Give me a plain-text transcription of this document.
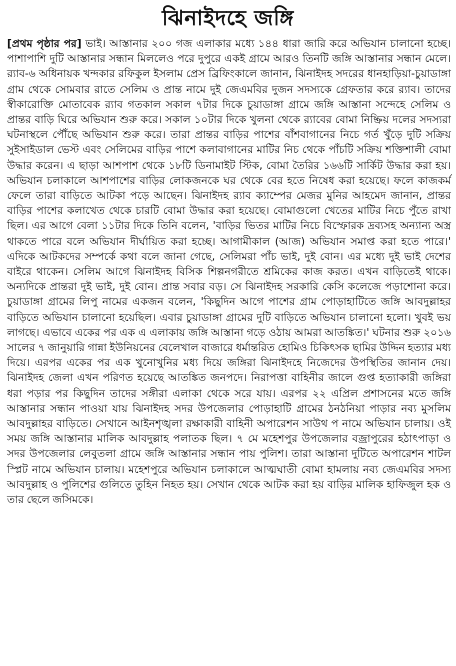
ঝিনাইদহে জঙ্গি

[প্রথম পৃষ্ঠার পর] ভাই। আস্তানার ২০০ গজ এলাকার মধ্যে ১৪৪ ধারা জারি করে অভিযান চালানো হচ্ছে। পাশাপাশি দুটি আস্তানার সন্ধান মিললেও পরে দুপুরে একই গ্রামে আরও তিনটি জঙ্গি আস্তানার সন্ধান মেলে। র‌্যাব-৬ অধিনায়ক খন্দকার রফিকুল ইসলাম প্রেস ব্রিফিংকালে জানান, ঝিনাইদহ সদরের ধানহাড়িয়া-চুয়াডাঙ্গা গ্রাম থেকে সোমবার রাতে সেলিম ও প্রান্ত নামে দুই জেএমবির দুজন সদস্যকে গ্রেফতার করে র‌্যাব। তাদের স্বীকারোক্তি মোতাবেক র‌্যাব গতকাল সকাল ৭টার দিকে চুয়াডাঙ্গা গ্রামে জঙ্গি আস্তানা সন্দেহে সেলিম ও প্রান্তর বাড়ি ঘিরে অভিযান শুরু করে। সকাল ১০টার দিকে খুলনা থেকে র‌্যাবের বোমা নিষ্ক্রিয় দলের সদস্যরা ঘটনাস্থলে পৌঁছে অভিযান শুরু করে। তারা প্রান্তর বাড়ির পাশের বাঁশবাগানের নিচে গর্ত খুঁড়ে দুটি সক্রিয় সুইসাইডাল ভেস্ট এবং সেলিমের বাড়ির পাশে কলাবাগানের মাটির নিচ থেকে পাঁচটি সক্রিয় শক্তিশালী বোমা উদ্ধার করেন। এ ছাড়া আশপাশ থেকে ১৮টি ডিনামাইট স্টিক, বোমা তৈরির ১৬৬টি সার্কিট উদ্ধার করা হয়। অভিযান চলাকালে আশপাশের বাড়ির লোকজনকে ঘর থেকে বের হতে নিষেধ করা হয়েছে। ফলে কাজকর্ম ফেলে তারা বাড়িতে আটকা পড়ে আছেন। ঝিনাইদহ র‌্যাব ক্যাম্পের মেজর মুনির আহমেদ জানান, প্রান্তর বাড়ির পাশের কলাখেত থেকে চারটি বোমা উদ্ধার করা হয়েছে। বোমাগুলো খেতের মাটির নিচে পুঁতে রাখা ছিল। এর আগে বেলা ১১টার দিকে তিনি বলেন, 'বাড়ির ভিতর মাটির নিচে বিস্ফোরক দ্রব্যসহ অন্যান্য অস্ত্র থাকতে পারে বলে অভিযান দীর্ঘায়িত করা হচ্ছে। আগামীকাল (আজ) অভিযান সমাপ্ত করা হতে পারে।' এদিকে আটকদের সম্পর্কে কথা বলে জানা গেছে, সেলিমরা পাঁচ ভাই, দুই বোন। এর মধ্যে দুই ভাই দেশের বাইরে থাকেন। সেলিম আগে ঝিনাইদহ বিসিক শিল্পনগরীতে শ্রমিকের কাজ করত। এখন বাড়িতেই থাকে। অন্যদিকে প্রান্তরা দুই ভাই, দুই বোন। প্রান্ত সবার বড়। সে ঝিনাইদহ সরকারি কেসি কলেজে পড়াশোনা করে। চুয়াডাঙ্গা গ্রামের লিপু নামের একজন বলেন, 'কিছুদিন আগে পাশের গ্রাম পোড়াহাটিতে জঙ্গি আবদুল্লাহর বাড়িতে অভিযান চালানো হয়েছিল। এবার চুয়াডাঙ্গা গ্রামের দুটি বাড়িতে অভিযান চালানো হলো। খুবই ভয় লাগছে। এভাবে একের পর এক এ এলাকায় জঙ্গি আস্তানা গড়ে ওঠায় আমরা আতঙ্কিত।' ঘটনার শুরু ২০১৬ সালের ৭ জানুয়ারি গান্না ইউনিয়নের বেলেখাল বাজারে ধর্মান্তরিত হোমিও চিকিৎসক ছামির উদ্দিন হত্যার মধ্য দিয়ে। এরপর একের পর এক খুনোখুনির মধ্য দিয়ে জঙ্গিরা ঝিনাইদহে নিজেদের উপস্থিতির জানান দেয়। ঝিনাইদহ জেলা এখন পরিণত হয়েছে আতঙ্কিত জনপদে। নিরাপত্তা বাহিনীর জালে গুপ্ত হত্যাকারী জঙ্গিরা ধরা পড়ার পর কিছুদিন তাদের সঙ্গীরা এলাকা থেকে সরে যায়। এরপর ২২ এপ্রিল প্রশাসনের মতে জঙ্গি আস্তানার সন্ধান পাওয়া যায় ঝিনাইদহ সদর উপজেলার পোড়াহাটি গ্রামের ঠনঠনিয়া পাড়ার নব্য মুসলিম আবদুল্লাহর বাড়িতে। সেখানে আইনশৃঙ্খলা রক্ষাকারী বাহিনী অপারেশন সাউথ প নামে অভিযান চালায়। ওই সময় জঙ্গি আস্তানার মালিক আবদুল্লাহ পলাতক ছিল। ৭ মে মহেশপুর উপজেলার বজ্রাপুরের হঠাৎপাড়া ও সদর উপজেলার লেবুতলা গ্রামে জঙ্গি আস্তানার সন্ধান পায় পুলিশ। তারা আস্তানা দুটিতে অপারেশন শাটল স্প্লিট নামে অভিযান চালায়। মহেশপুরে অভিযান চলাকালে আত্মঘাতী বোমা হামলায় নব্য জেএমবির সদস্য আবদুল্লাহ ও পুলিশের গুলিতে তুহিন নিহত হয়। সেখান থেকে আটক করা হয় বাড়ির মালিক হাফিজুল হক ও তার ছেলে জসিমকে।
